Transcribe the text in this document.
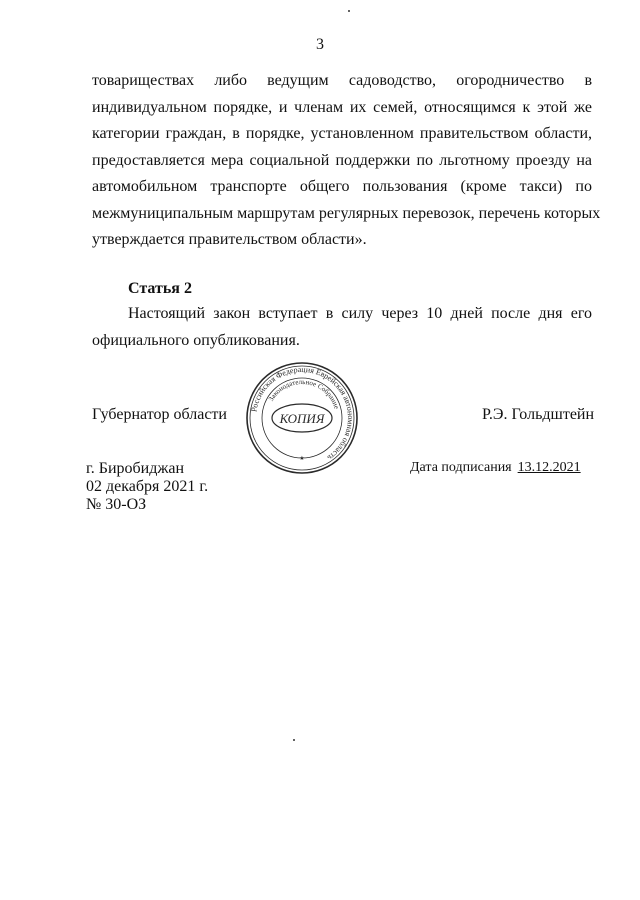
3
товариществах либо ведущим садоводство, огородничество в
индивидуальном порядке, и членам их семей, относящимся к этой же
категории граждан, в порядке, установленном правительством области,
предоставляется мера социальной поддержки по льготному проезду на
автомобильном транспорте общего пользования (кроме такси) по
межмуниципальным маршрутам регулярных перевозок, перечень которых
утверждается правительством области».
Статья 2
Настоящий закон вступает в силу через 10 дней после дня его
официального опубликования.
Губернатор области	Российская Федерация Еврейская автономная область
Законодательное Собрание
КОПИЯ
★
Р.Э. Гольдштейн
г. Биробиджан
02 декабря 2021 г.
№ 30-ОЗ
Дата подписания 13.12.2021
